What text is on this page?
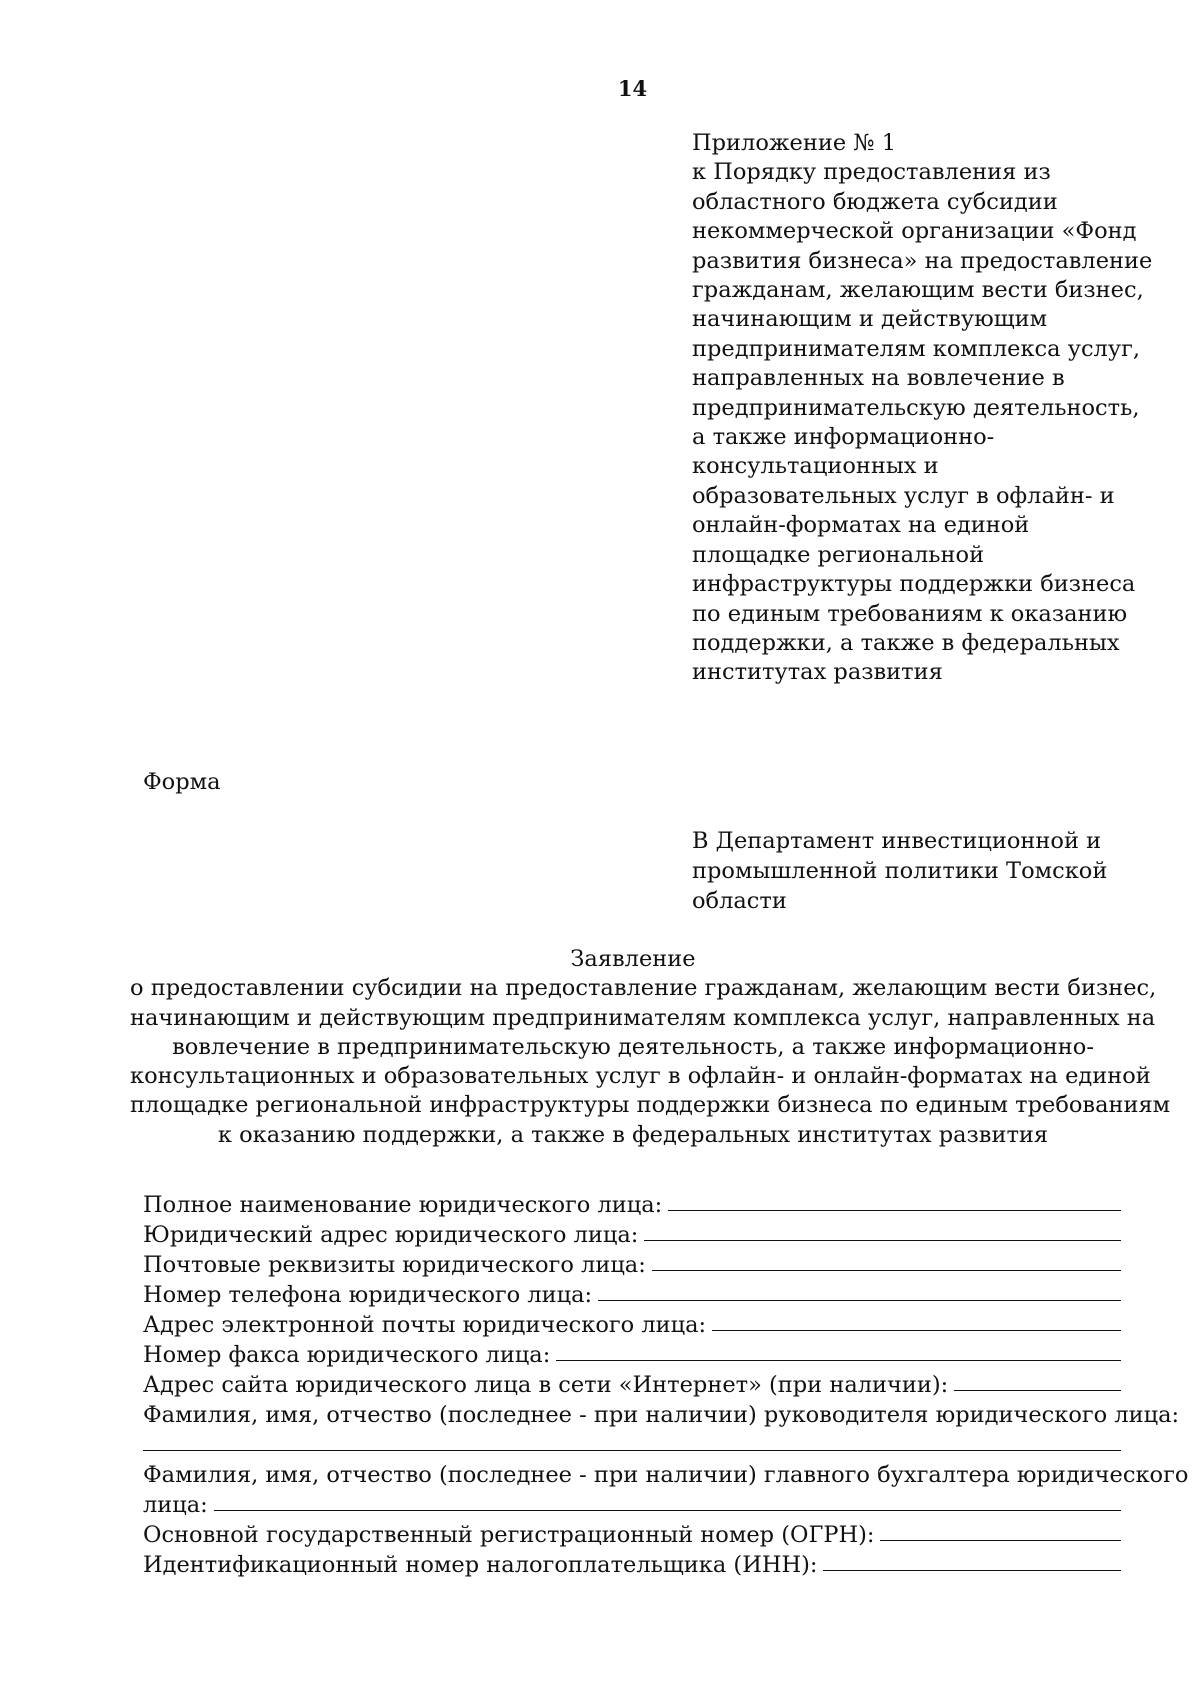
14
Приложение № 1
к Порядку предоставления из
областного бюджета субсидии
некоммерческой организации «Фонд
развития бизнеса» на предоставление
гражданам, желающим вести бизнес,
начинающим и действующим
предпринимателям комплекса услуг,
направленных на вовлечение в
предпринимательскую деятельность,
а также информационно-
консультационных и
образовательных услуг в офлайн- и
онлайн-форматах на единой
площадке региональной
инфраструктуры поддержки бизнеса
по единым требованиям к оказанию
поддержки, а также в федеральных
институтах развития
Форма
В Департамент инвестиционной и
промышленной политики Томской
области
Заявление
о предоставлении субсидии на предоставление гражданам, желающим вести бизнес,
начинающим и действующим предпринимателям комплекса услуг, направленных на
вовлечение в предпринимательскую деятельность, а также информационно-
консультационных и образовательных услуг в офлайн- и онлайн-форматах на единой
площадке региональной инфраструктуры поддержки бизнеса по единым требованиям
к оказанию поддержки, а также в федеральных институтах развития
Полное наименование юридического лица:
Юридический адрес юридического лица:
Почтовые реквизиты юридического лица:
Номер телефона юридического лица:
Адрес электронной почты юридического лица:
Номер факса юридического лица:
Адрес сайта юридического лица в сети «Интернет» (при наличии):
Фамилия, имя, отчество (последнее - при наличии) руководителя юридического лица:
Фамилия, имя, отчество (последнее - при наличии) главного бухгалтера юридического
лица:
Основной государственный регистрационный номер (ОГРН):
Идентификационный номер налогоплательщика (ИНН):
